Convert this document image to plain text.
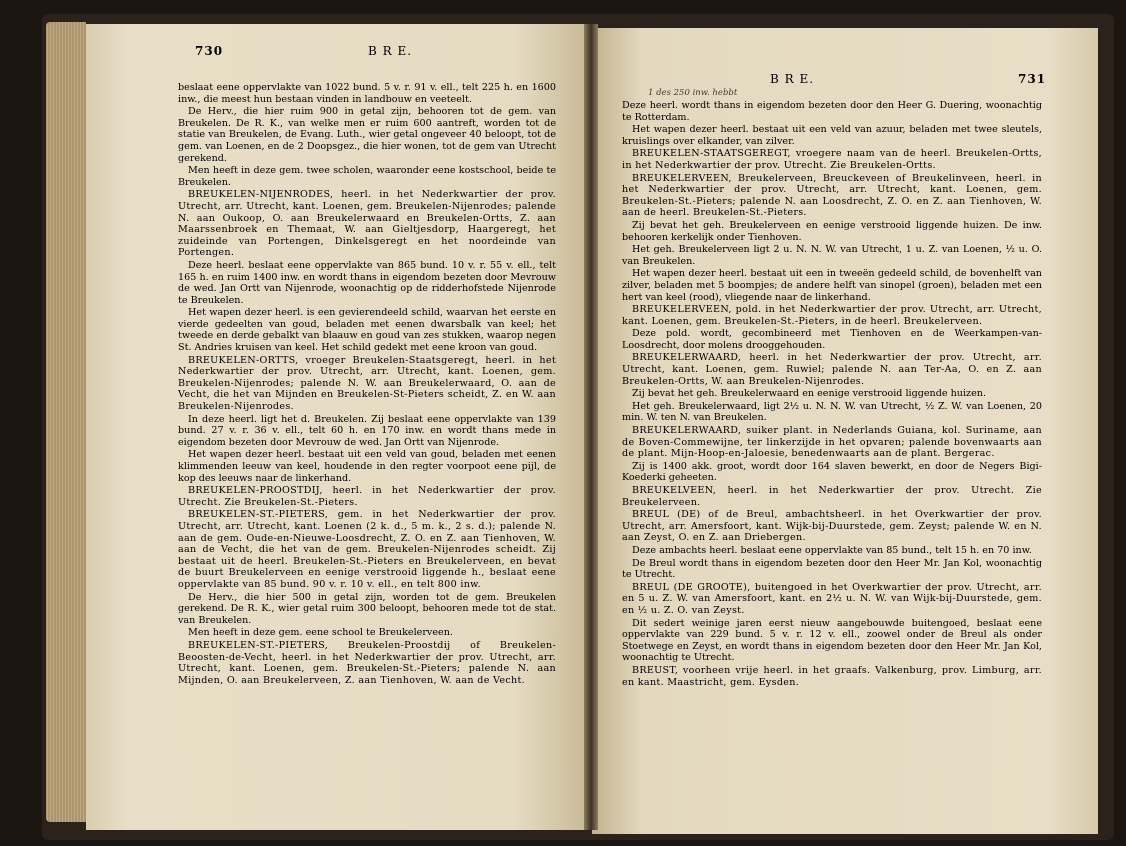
730	B R E.
B R E.	731
1 des 250 inw. hebbt

beslaat eene oppervlakte van 1022 bund. 5 v. r. 91 v. ell., telt 225 h. en 1600 inw., die meest hun bestaan vinden in landbouw en veeteelt.

De Herv., die hier ruim 900 in getal zijn, behooren tot de gem. van Breukelen. De R. K., van welke men er ruim 600 aantreft, worden tot de statie van Breukelen, de Evang. Luth., wier getal ongeveer 40 beloopt, tot de gem. van Loenen, en de 2 Doopsgez., die hier wonen, tot de gem van Utrecht gerekend.

Men heeft in deze gem. twee scholen, waaronder eene kostschool, beide te Breukelen.

BREUKELEN-NIJENRODES, heerl. in het Nederkwartier der prov. Utrecht, arr. Utrecht, kant. Loenen, gem. Breukelen-Nijenrodes; palende N. aan Oukoop, O. aan Breukelerwaard en Breukelen-Ortts, Z. aan Maarssenbroek en Themaat, W. aan Gieltjesdorp, Haargeregt, het zuideinde van Portengen, Dinkelsgeregt en het noordeinde van Portengen.

Deze heerl. beslaat eene oppervlakte van 865 bund. 10 v. r. 55 v. ell., telt 165 h. en ruim 1400 inw. en wordt thans in eigendom bezeten door Mevrouw de wed. Jan Ortt van Nijenrode, woonachtig op de ridderhofstede Nijenrode te Breukelen.

Het wapen dezer heerl. is een gevierendeeld schild, waarvan het eerste en vierde gedeelten van goud, beladen met eenen dwarsbalk van keel; het tweede en derde gebalkt van blaauw en goud van zes stukken, waarop negen St. Andries kruisen van keel. Het schild gedekt met eene kroon van goud.

BREUKELEN-ORTTS, vroeger Breukelen-Staatsgeregt, heerl. in het Nederkwartier der prov. Utrecht, arr. Utrecht, kant. Loenen, gem. Breukelen-Nijenrodes; palende N. W. aan Breukelerwaard, O. aan de Vecht, die het van Mijnden en Breukelen-St-Pieters scheidt, Z. en W. aan Breukelen-Nijenrodes.

In deze heerl. ligt het d. Breukelen. Zij beslaat eene oppervlakte van 139 bund. 27 v. r. 36 v. ell., telt 60 h. en 170 inw. en wordt thans mede in eigendom bezeten door Mevrouw de wed. Jan Ortt van Nijenrode.

Het wapen dezer heerl. bestaat uit een veld van goud, beladen met eenen klimmenden leeuw van keel, houdende in den regter voorpoot eene pijl, de kop des leeuws naar de linkerhand.

BREUKELEN-PROOSTDIJ, heerl. in het Nederkwartier der prov. Utrecht. Zie Breukelen-St.-Pieters.

BREUKELEN-ST.-PIETERS, gem. in het Nederkwartier der prov. Utrecht, arr. Utrecht, kant. Loenen (2 k. d., 5 m. k., 2 s. d.); palende N. aan de gem. Oude-en-Nieuwe-Loosdrecht, Z. O. en Z. aan Tienhoven, W. aan de Vecht, die het van de gem. Breukelen-Nijenrodes scheidt. Zij bestaat uit de heerl. Breukelen-St.-Pieters en Breukelerveen, en bevat de buurt Breukelerveen en eenige verstrooid liggende h., beslaat eene oppervlakte van 85 bund. 90 v. r. 10 v. ell., en telt 800 inw.

De Herv., die hier 500 in getal zijn, worden tot de gem. Breukelen gerekend. De R. K., wier getal ruim 300 beloopt, behooren mede tot de stat. van Breukelen.

Men heeft in deze gem. eene school te Breukelerveen.

BREUKELEN-ST.-PIETERS, Breukelen-Proostdij of Breukelen-Beoosten-de-Vecht, heerl. in het Nederkwartier der prov. Utrecht, arr. Utrecht, kant. Loenen, gem. Breukelen-St.-Pieters; palende N. aan Mijnden, O. aan Breukelerveen, Z. aan Tienhoven, W. aan de Vecht.

Deze heerl. wordt thans in eigendom bezeten door den Heer G. Duering, woonachtig te Rotterdam.

Het wapen dezer heerl. bestaat uit een veld van azuur, beladen met twee sleutels, kruislings over elkander, van zilver.

BREUKELEN-STAATSGEREGT, vroegere naam van de heerl. Breukelen-Ortts, in het Nederkwartier der prov. Utrecht. Zie Breukelen-Ortts.

BREUKELERVEEN, Breukelerveen, Breuckeveen of Breukelinveen, heerl. in het Nederkwartier der prov. Utrecht, arr. Utrecht, kant. Loenen, gem. Breukelen-St.-Pieters; palende N. aan Loosdrecht, Z. O. en Z. aan Tienhoven, W. aan de heerl. Breukelen-St.-Pieters.

Zij bevat het geh. Breukelerveen en eenige verstrooid liggende huizen. De inw. behooren kerkelijk onder Tienhoven.

Het geh. Breukelerveen ligt 2 u. N. N. W. van Utrecht, 1 u. Z. van Loenen, ½ u. O. van Breukelen.

Het wapen dezer heerl. bestaat uit een in tweeën gedeeld schild, de bovenhelft van zilver, beladen met 5 boompjes; de andere helft van sinopel (groen), beladen met een hert van keel (rood), vliegende naar de linkerhand.

BREUKELERVEEN, pold. in het Nederkwartier der prov. Utrecht, arr. Utrecht, kant. Loenen, gem. Breukelen-St.-Pieters, in de heerl. Breukelerveen.

Deze pold. wordt, gecombineerd met Tienhoven en de Weerkampen-van-Loosdrecht, door molens drooggehouden.

BREUKELERWAARD, heerl. in het Nederkwartier der prov. Utrecht, arr. Utrecht, kant. Loenen, gem. Ruwiel; palende N. aan Ter-Aa, O. en Z. aan Breukelen-Ortts, W. aan Breukelen-Nijenrodes.

Zij bevat het geh. Breukelerwaard en eenige verstrooid liggende huizen.

Het geh. Breukelerwaard, ligt 2½ u. N. N. W. van Utrecht, ½ Z. W. van Loenen, 20 min. W. ten N. van Breukelen.

BREUKELERWAARD, suiker plant. in Nederlands Guiana, kol. Suriname, aan de Boven-Commewijne, ter linkerzijde in het opvaren; palende bovenwaarts aan de plant. Mijn-Hoop-en-Jaloesie, benedenwaarts aan de plant. Bergerac.

Zij is 1400 akk. groot, wordt door 164 slaven bewerkt, en door de Negers Bigi-Koederki geheeten.

BREUKELVEEN, heerl. in het Nederkwartier der prov. Utrecht. Zie Breukelerveen.

BREUL (DE) of de Breul, ambachtsheerl. in het Overkwartier der prov. Utrecht, arr. Amersfoort, kant. Wijk-bij-Duurstede, gem. Zeyst; palende W. en N. aan Zeyst, O. en Z. aan Driebergen.

Deze ambachts heerl. beslaat eene oppervlakte van 85 bund., telt 15 h. en 70 inw.

De Breul wordt thans in eigendom bezeten door den Heer Mr. Jan Kol, woonachtig te Utrecht.

BREUL (DE GROOTE), buitengoed in het Overkwartier der prov. Utrecht, arr. en 5 u. Z. W. van Amersfoort, kant. en 2½ u. N. W. van Wijk-bij-Duurstede, gem. en ½ u. Z. O. van Zeyst.

Dit sedert weinige jaren eerst nieuw aangebouwde buitengoed, beslaat eene oppervlakte van 229 bund. 5 v. r. 12 v. ell., zoowel onder de Breul als onder Stoetwege en Zeyst, en wordt thans in eigendom bezeten door den Heer Mr. Jan Kol, woonachtig te Utrecht.

BREUST, voorheen vrije heerl. in het graafs. Valkenburg, prov. Limburg, arr. en kant. Maastricht, gem. Eysden.
